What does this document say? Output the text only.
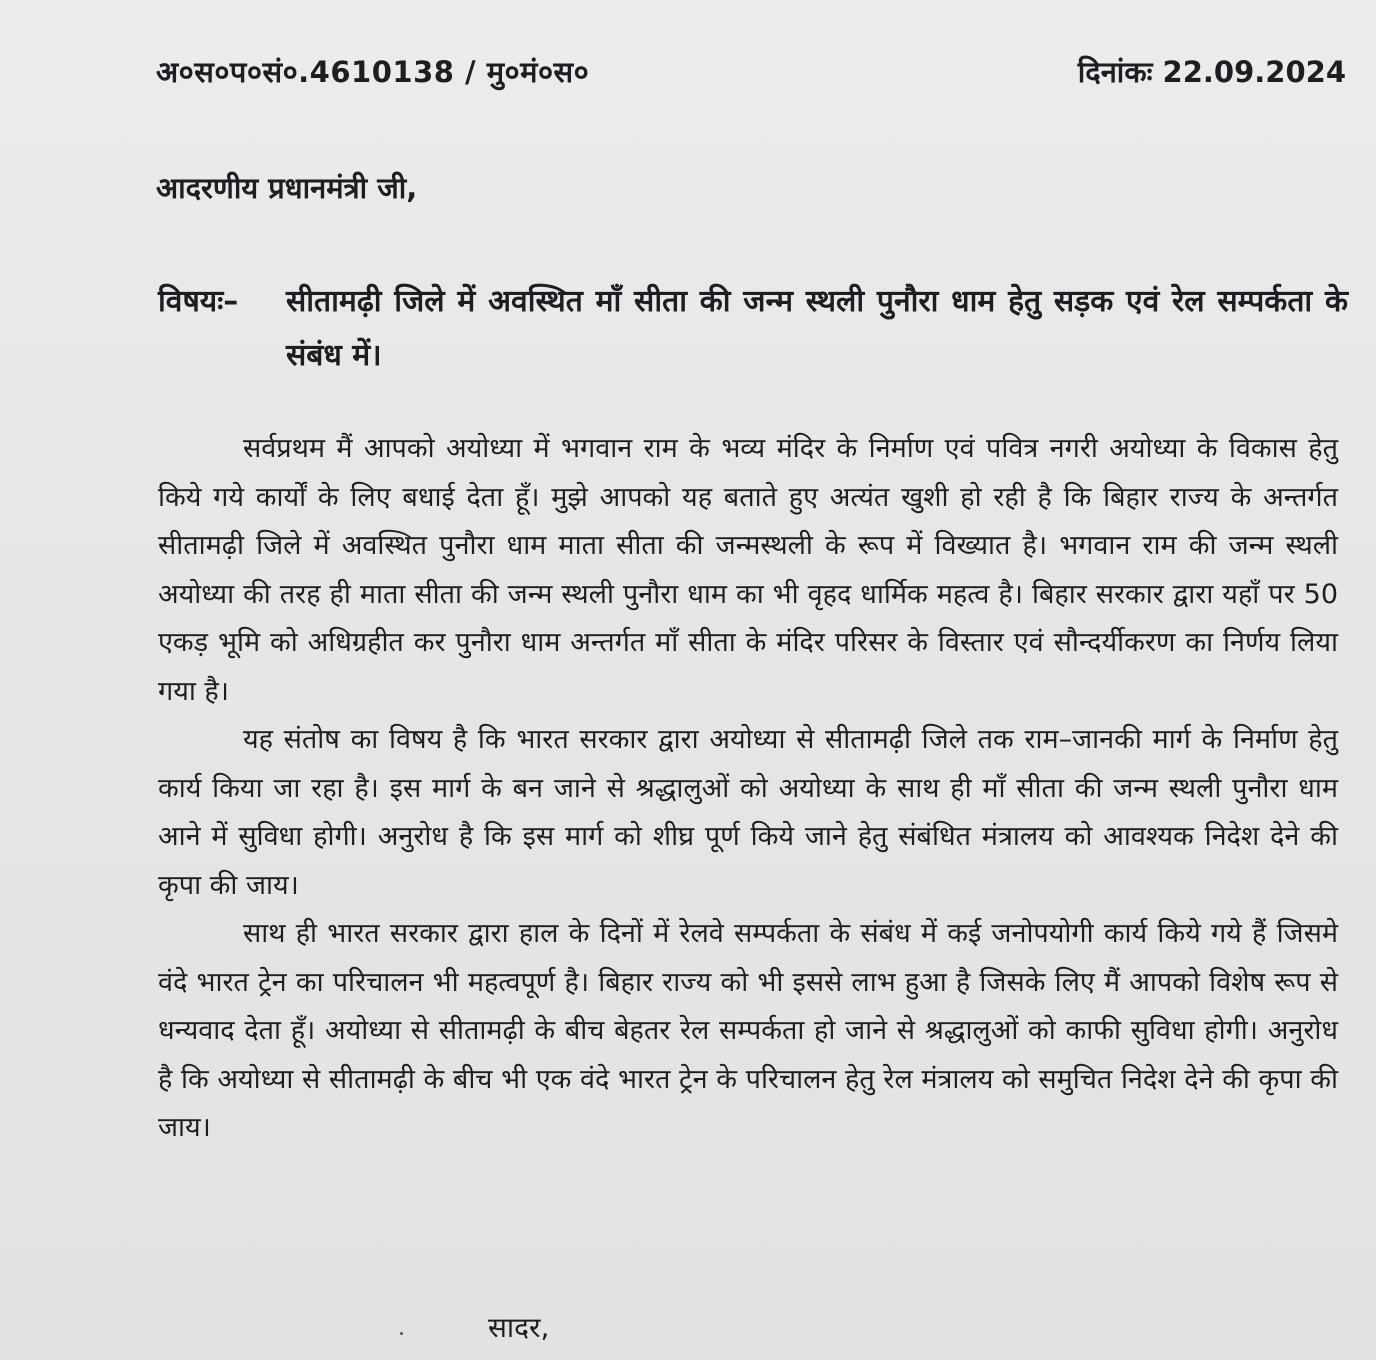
अ०स०प०सं०.4610138 / मु०मं०स०	दिनांकः 22.09.2024
आदरणीय प्रधानमंत्री जी,
विषयः–	सीतामढ़ी जिले में अवस्थित माँ सीता की जन्म स्थली पुनौरा धाम हेतु सड़क एवं रेल सम्पर्कता के संबंध में।

सर्वप्रथम मैं आपको अयोध्या में भगवान राम के भव्य मंदिर के निर्माण एवं पवित्र नगरी अयोध्या के विकास हेतु किये गये कार्यों के लिए बधाई देता हूँ। मुझे आपको यह बताते हुए अत्यंत खुशी हो रही है कि बिहार राज्य के अन्तर्गत सीतामढ़ी जिले में अवस्थित पुनौरा धाम माता सीता की जन्मस्थली के रूप में विख्यात है। भगवान राम की जन्म स्थली अयोध्या की तरह ही माता सीता की जन्म स्थली पुनौरा धाम का भी वृहद धार्मिक महत्व है। बिहार सरकार द्वारा यहाँ पर 50 एकड़ भूमि को अधिग्रहीत कर पुनौरा धाम अन्तर्गत माँ सीता के मंदिर परिसर के विस्तार एवं सौन्दर्यीकरण का निर्णय लिया गया है।

यह संतोष का विषय है कि भारत सरकार द्वारा अयोध्या से सीतामढ़ी जिले तक राम–जानकी मार्ग के निर्माण हेतु कार्य किया जा रहा है। इस मार्ग के बन जाने से श्रद्धालुओं को अयोध्या के साथ ही माँ सीता की जन्म स्थली पुनौरा धाम आने में सुविधा होगी। अनुरोध है कि इस मार्ग को शीघ्र पूर्ण किये जाने हेतु संबंधित मंत्रालय को आवश्यक निदेश देने की कृपा की जाय।

साथ ही भारत सरकार द्वारा हाल के दिनों में रेलवे सम्पर्कता के संबंध में कई जनोपयोगी कार्य किये गये हैं जिसमे वंदे भारत ट्रेन का परिचालन भी महत्वपूर्ण है। बिहार राज्य को भी इससे लाभ हुआ है जिसके लिए मैं आपको विशेष रूप से धन्यवाद देता हूँ। अयोध्या से सीतामढ़ी के बीच बेहतर रेल सम्पर्कता हो जाने से श्रद्धालुओं को काफी सुविधा होगी। अनुरोध है कि अयोध्या से सीतामढ़ी के बीच भी एक वंदे भारत ट्रेन के परिचालन हेतु रेल मंत्रालय को समुचित निदेश देने की कृपा की जाय।

सादर,
